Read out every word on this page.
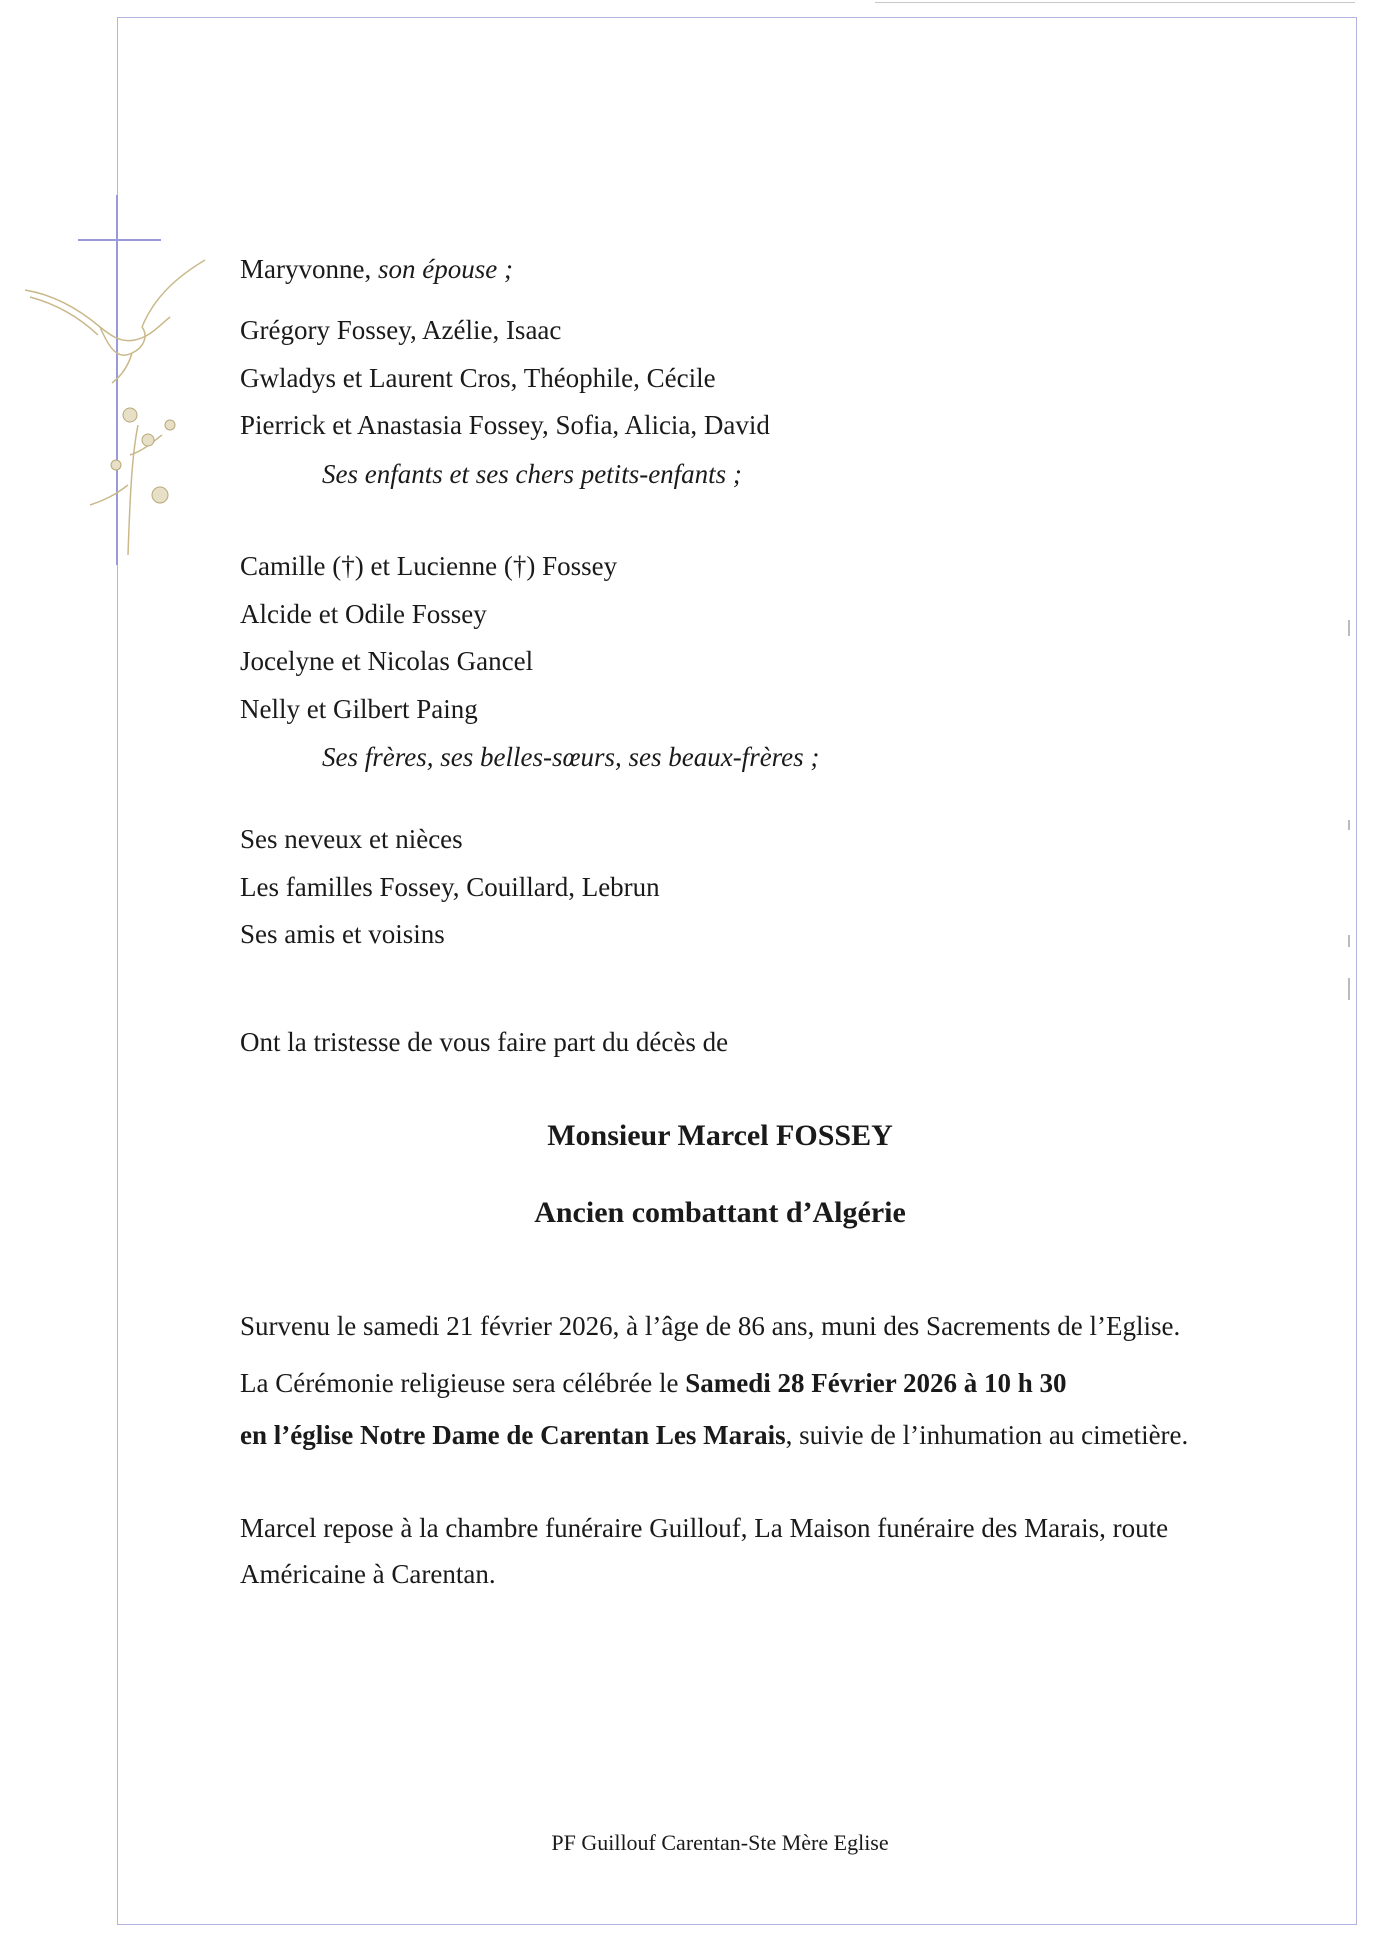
Maryvonne, son épouse ;
Grégory Fossey, Azélie, Isaac
Gwladys et Laurent Cros, Théophile, Cécile
Pierrick et Anastasia Fossey, Sofia, Alicia, David
Ses enfants et ses chers petits-enfants ;
Camille (†) et Lucienne (†) Fossey
Alcide et Odile Fossey
Jocelyne et Nicolas Gancel
Nelly et Gilbert Paing
Ses frères, ses belles-sœurs, ses beaux-frères ;
Ses neveux et nièces
Les familles Fossey, Couillard, Lebrun
Ses amis et voisins
Ont la tristesse de vous faire part du décès de
Monsieur Marcel FOSSEY
Ancien combattant d’Algérie
Survenu le samedi 21 février 2026, à l’âge de 86 ans, muni des Sacrements de l’Eglise.
La Cérémonie religieuse sera célébrée le Samedi 28 Février 2026 à 10 h 30
en l’église Notre Dame de Carentan Les Marais, suivie de l’inhumation au cimetière.
Marcel repose à la chambre funéraire Guillouf, La Maison funéraire des Marais, route
Américaine à Carentan.
PF Guillouf Carentan-Ste Mère Eglise
